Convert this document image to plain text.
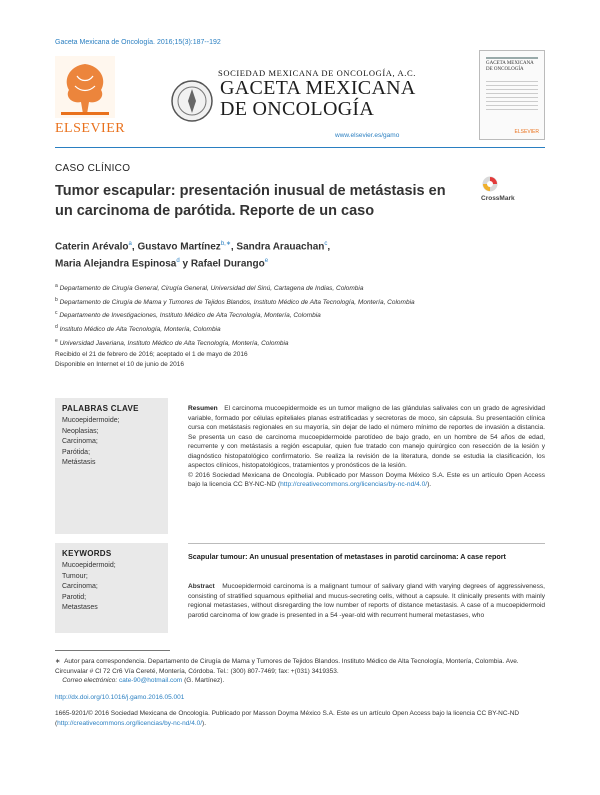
Gaceta Mexicana de Oncología. 2016;15(3):187--192
ELSEVIER
SOCIEDAD MEXICANA DE ONCOLOGÍA, A.C.
GACETA MEXICANA
DE ONCOLOGÍA
www.elsevier.es/gamo
GACETA MEXICANA DE ONCOLOGÍA
ELSEVIER
CASO CLÍNICO
Tumor escapular: presentación inusual de metástasis en un carcinoma de parótida. Reporte de un caso
CrossMark
Caterin Arévalo$^a$, Gustavo Martínez$^{b,∗}$, Sandra Arauachan$^c$,
Maria Alejandra Espinosa$^d$ y Rafael Durango$^e$
$^a$ Departamento de Cirugía General, Cirugía General, Universidad del Sinú, Cartagena de Indias, Colombia
$^b$ Departamento de Cirugía de Mama y Tumores de Tejidos Blandos, Instituto Médico de Alta Tecnología, Montería, Colombia
$^c$ Departamento de Investigaciones, Instituto Médico de Alta Tecnología, Montería, Colombia
$^d$ Instituto Médico de Alta Tecnología, Montería, Colombia
$^e$ Universidad Javeriana, Instituto Médico de Alta Tecnología, Montería, Colombia
Recibido el 21 de febrero de 2016; aceptado el 1 de mayo de 2016
Disponible en Internet el 10 de junio de 2016
PALABRAS CLAVE
Mucoepidermoide;
Neoplasias;
Carcinoma;
Parótida;
Metástasis
KEYWORDS
Mucoepidermoid;
Tumour;
Carcinoma;
Parotid;
Metastases
Resumen El carcinoma mucoepidermoide es un tumor maligno de las glándulas salivales con un grado de agresividad variable, formado por células epiteliales planas estratificadas y secretoras de moco, sin cápsula. Su presentación clínica cursa con metástasis regionales en su mayoría, sin dejar de lado el número mínimo de reportes de invasión a distancia. Se presenta un caso de carcinoma mucoepidermoide parotídeo de bajo grado, en un hombre de 54 años de edad, recurrente y con metástasis a región escapular, quien fue tratado con manejo quirúrgico con resección de la lesión y diagnóstico histopatológico confirmatorio. Se realiza la revisión de la literatura, donde se estudia la clasificación, los aspectos clínicos, histopatológicos, tratamientos y pronósticos de la lesión.
© 2016 Sociedad Mexicana de Oncología. Publicado por Masson Doyma México S.A. Este es un artículo Open Access bajo la licencia CC BY-NC-ND (http://creativecommons.org/licencias/by-nc-nd/4.0/).
Scapular tumour: An unusual presentation of metastases in parotid carcinoma: A case report
Abstract Mucoepidermoid carcinoma is a malignant tumour of salivary gland with varying degrees of aggressiveness, consisting of stratified squamous epithelial and mucus-secreting cells, without a capsule. It clinically presents with mainly regional metastases, without disregarding the low number of reports of distance metastasis. A case of a mucoepidermoid parotid carcinoma of low grade is presented in a 54 -year-old with recurrent humeral metastases, who
∗ Autor para correspondencia. Departamento de Cirugía de Mama y Tumores de Tejidos Blandos. Instituto Médico de Alta Tecnología, Montería, Colombia. Ave. Circunvalar # Cl 72 Cr6 Vía Cereté, Montería, Córdoba. Tel.: (300) 807-7469; fax: +(031) 3419353.
Correo electrónico: cate-90@hotmail.com (G. Martínez).
http://dx.doi.org/10.1016/j.gamo.2016.05.001
1665-9201/© 2016 Sociedad Mexicana de Oncología. Publicado por Masson Doyma México S.A. Este es un artículo Open Access bajo la licencia CC BY-NC-ND (http://creativecommons.org/licencias/by-nc-nd/4.0/).
